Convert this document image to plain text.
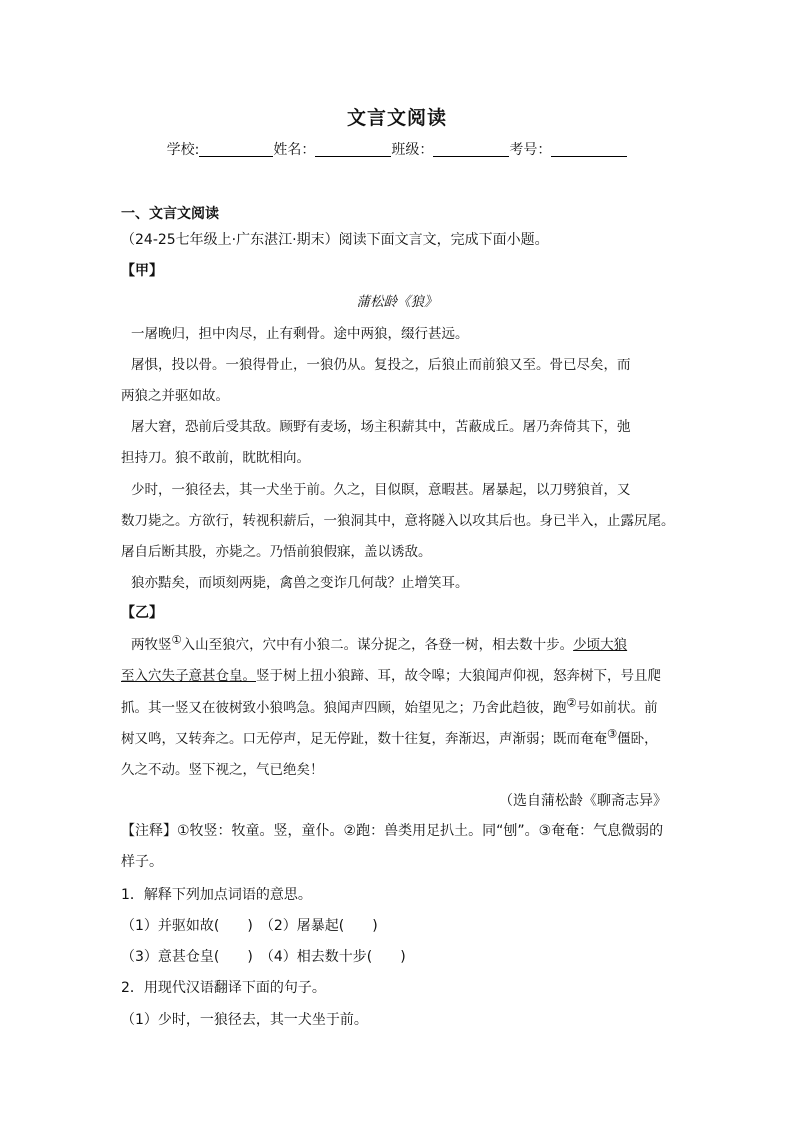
文言文阅读
学校:	姓名：	班级：	考号：
一、文言文阅读
（24-25七年级上·广东湛江·期末）阅读下面文言文，完成下面小题。
【甲】
蒲松龄《狼》
一屠晚归，担中肉尽，止有剩骨。途中两狼，缀行甚远。
屠惧，投以骨。一狼得骨止，一狼仍从。复投之，后狼止而前狼又至。骨已尽矣，而
两狼之并驱如故。
屠大窘，恐前后受其敌。顾野有麦场，场主积薪其中，苫蔽成丘。屠乃奔倚其下，弛
担持刀。狼不敢前，眈眈相向。
少时，一狼径去，其一犬坐于前。久之，目似瞑，意暇甚。屠暴起，以刀劈狼首，又
数刀毙之。方欲行，转视积薪后，一狼洞其中，意将隧入以攻其后也。身已半入，止露尻尾。
屠自后断其股，亦毙之。乃悟前狼假寐，盖以诱敌。
狼亦黠矣，而顷刻两毙，禽兽之变诈几何哉？止增笑耳。
【乙】
两牧竖①入山至狼穴，穴中有小狼二。谋分捉之，各登一树，相去数十步。少顷大狼
至入穴失子意甚仓皇。竖于树上扭小狼蹄、耳，故令嗥；大狼闻声仰视，怒奔树下，号且爬
抓。其一竖又在彼树致小狼鸣急。狼闻声四顾，始望见之；乃舍此趋彼，跑②号如前状。前
树又鸣，又转奔之。口无停声，足无停趾，数十往复，奔渐迟，声渐弱；既而奄奄③僵卧，
久之不动。竖下视之，气已绝矣！
（选自蒲松龄《聊斋志异》
【注释】①牧竖：牧童。竖，童仆。②跑：兽类用足扒土。同“刨”。③奄奄：气息微弱的
样子。
1．解释下列加点词语的意思。
（1）并驱如故(　　)　（2）屠暴起(　　)
（3）意甚仓皇(　　)　（4）相去数十步(　　)
2．用现代汉语翻译下面的句子。
（1）少时，一狼径去，其一犬坐于前。
